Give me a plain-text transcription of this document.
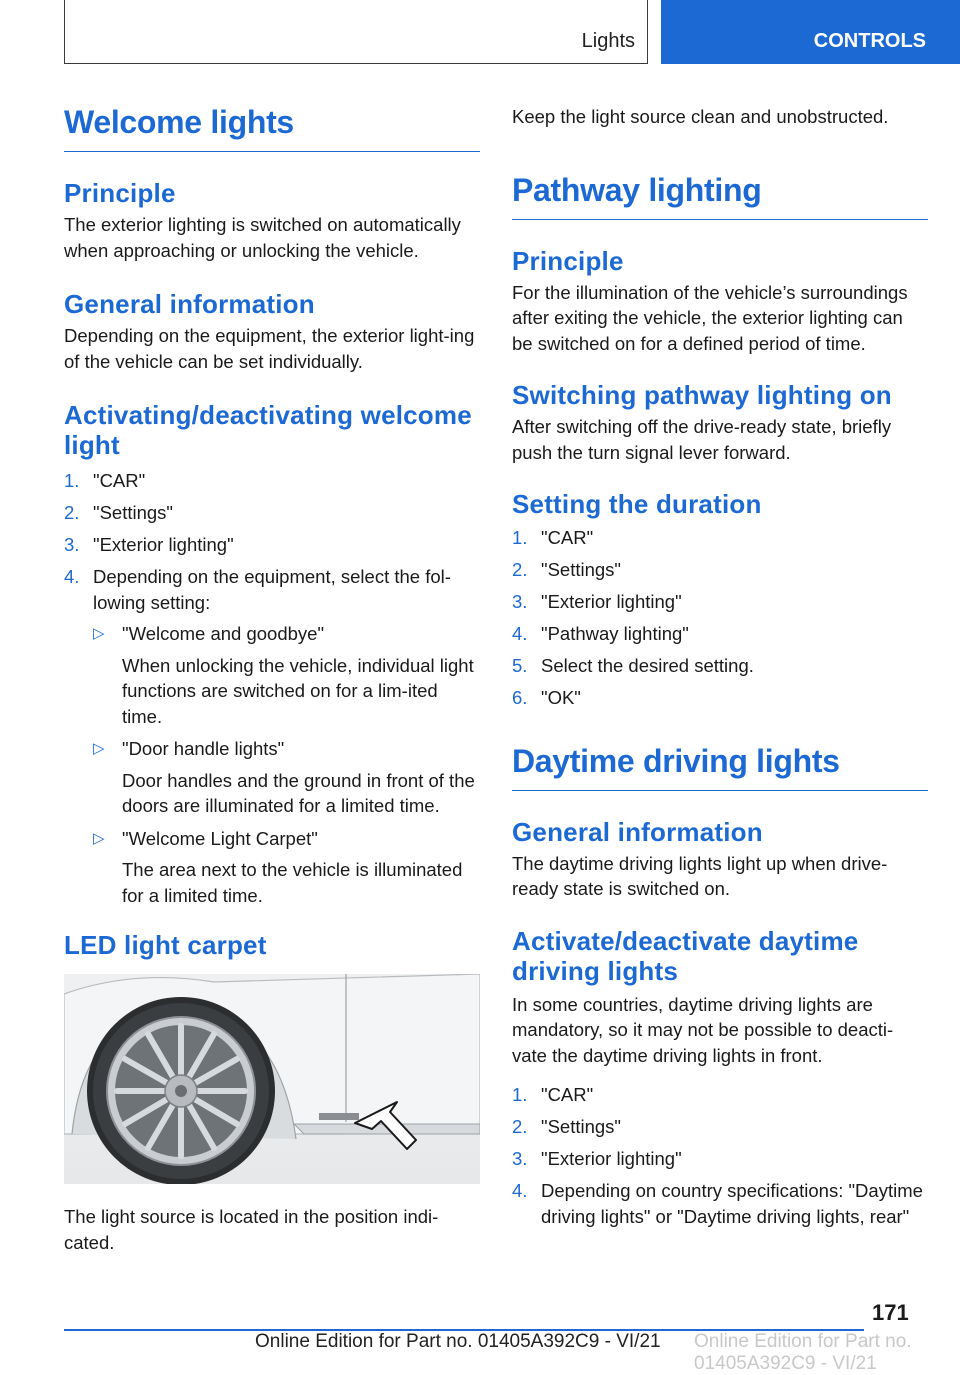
Lights	CONTROLS
Welcome lights
Principle

The exterior lighting is switched on automatically when approaching or unlocking the vehicle.

General information

Depending on the equipment, the exterior light-ing of the vehicle can be set individually.

Activating/deactivating welcome light
1. "CAR"
2. "Settings"
3. "Exterior lighting"
4. Depending on the equipment, select the fol-lowing setting:
▷ "Welcome and goodbye"
When unlocking the vehicle, individual light functions are switched on for a lim-ited time.
▷ "Door handle lights"
Door handles and the ground in front of the doors are illuminated for a limited time.
▷ "Welcome Light Carpet"
The area next to the vehicle is illuminated for a limited time.
LED light carpet

The light source is located in the position indi-cated.

Keep the light source clean and unobstructed.

Pathway lighting
Principle

For the illumination of the vehicle’s surroundings after exiting the vehicle, the exterior lighting can be switched on for a defined period of time.

Switching pathway lighting on

After switching off the drive-ready state, briefly push the turn signal lever forward.

Setting the duration
1. "CAR"
2. "Settings"
3. "Exterior lighting"
4. "Pathway lighting"
5. Select the desired setting.
6. "OK"
Daytime driving lights
General information

The daytime driving lights light up when drive-ready state is switched on.

Activate/deactivate daytime driving lights

In some countries, daytime driving lights are mandatory, so it may not be possible to deacti-vate the daytime driving lights in front.

1. "CAR"
2. "Settings"
3. "Exterior lighting"
4. Depending on country specifications: "Daytime driving lights" or "Daytime driving lights, rear"
171
Online Edition for Part no. 01405A392C9 - VI/21 Online Edition for Part no. 01405A392C9 - VI/21
